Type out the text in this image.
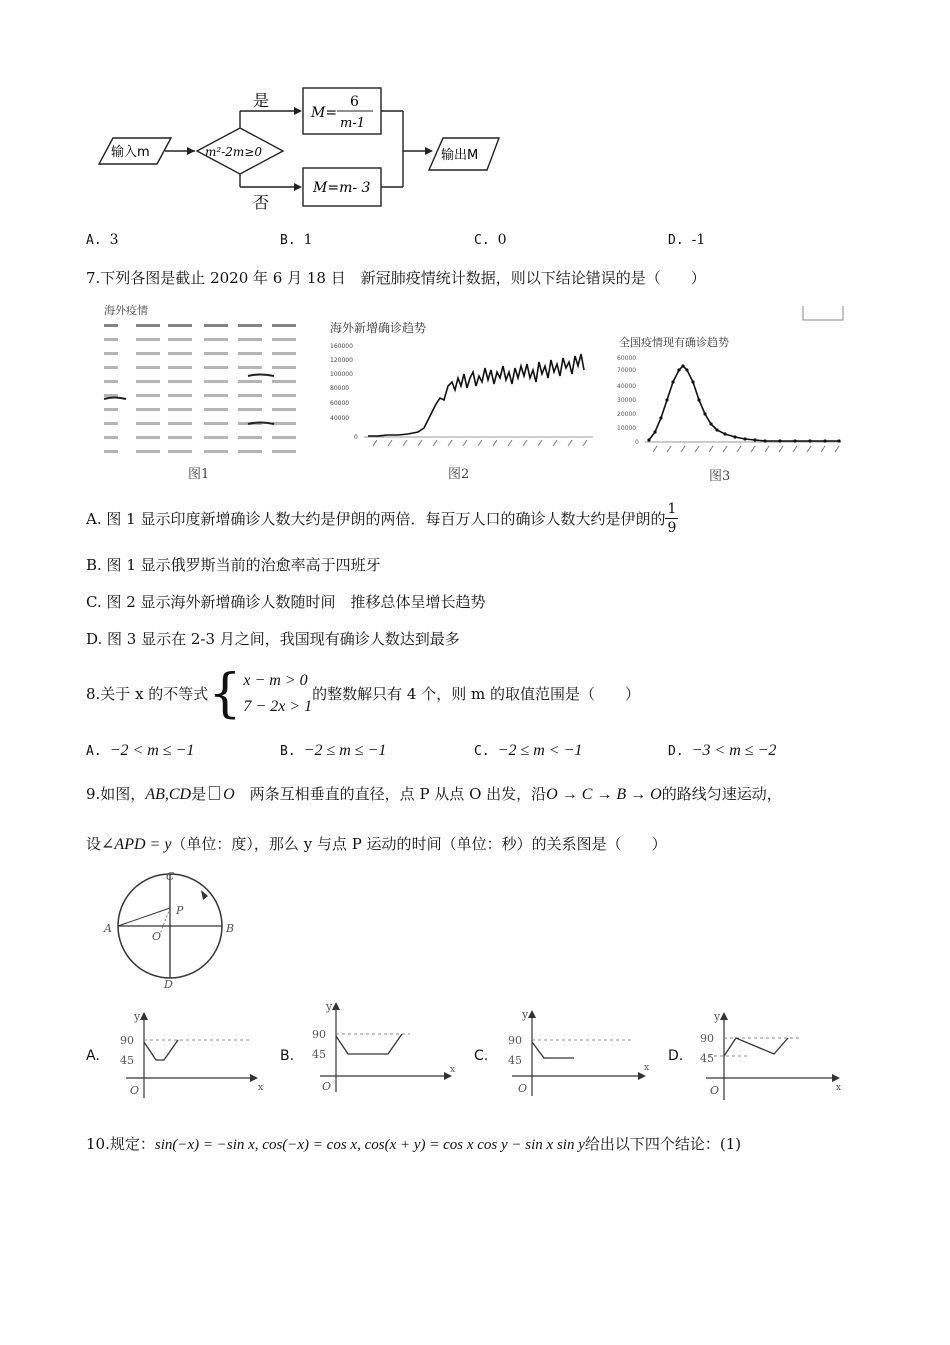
输入m	m²-2m≥0
是
否
M=
6
m-1
M=m- 3
输出M
A. 3	B. 1	C. 0	D. -1
7.下列各图是截止 2020 年 6 月 18 日　新冠肺疫情统计数据，则以下结论错误的是（　　）
海外疫情
图1
海外新增确诊趋势
160000
120000
100000
80000
60000
40000
0
图2
全国疫情现有确诊趋势
60000
70000
40000
30000
20000
10000
0
图3
A. 图 1 显示印度新增确诊人数大约是伊朗的两倍．每百万人口的确诊人数大约是伊朗的 $\frac{1}{9}$
B. 图 1 显示俄罗斯当前的治愈率高于四班牙
C. 图 2 显示海外新增确诊人数随时间　推移总体呈增长趋势
D. 图 3 显示在 2-3 月之间，我国现有确诊人数达到最多
8.关于 x 的不等式 { x − m > 0
7 − 2x > 1
的整数解只有 4 个，则 m 的取值范围是（　　）
A. −2 < m ≤ −1	B. −2 ≤ m ≤ −1	C. −2 ≤ m < −1	D. −3 < m ≤ −2
9.如图，AB,CD是 O　两条互相垂直的直径，点 P 从点 O 出发，沿O → C → B → O的路线匀速运动，
设∠APD = y（单位：度），那么 y 与点 P 运动的时间（单位：秒）的关系图是（　　）
C
P
A
O
B
D
A.
y
90
45
O	x
B.
y
90
45
O
x
C.
y
90
45
O
x
D.
y
90
45
O	x
10.规定：sin(−x) = −sin x, cos(−x) = cos x, cos(x + y) = cos x cos y − sin x sin y给出以下四个结论：(1)
